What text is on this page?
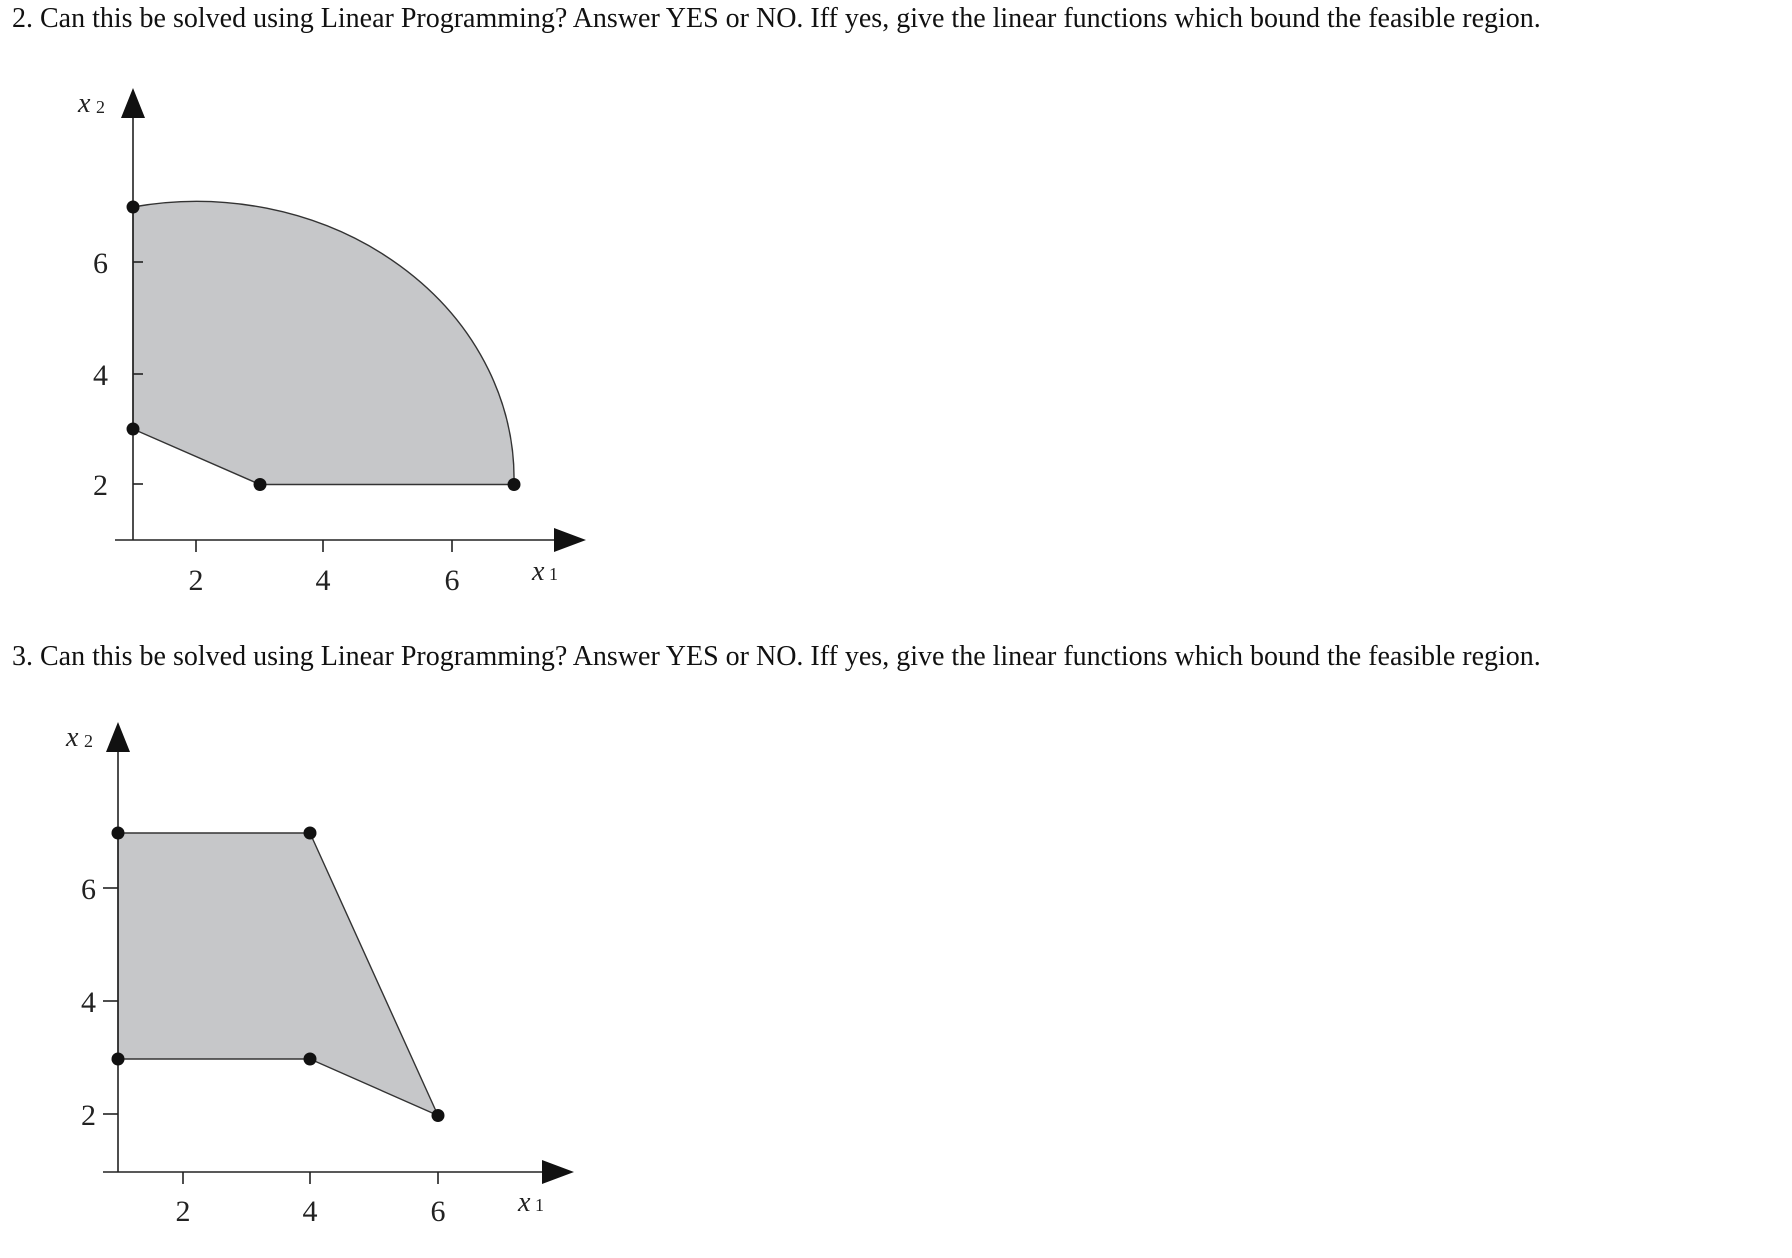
2. Can this be solved using Linear Programming? Answer YES or NO. Iff yes, give the linear functions which bound the feasible region.

2
4
6
2	4	6
x 2
x 1

3. Can this be solved using Linear Programming? Answer YES or NO. Iff yes, give the linear functions which bound the feasible region.

2
4
6
2	4	6
x 2
x 1
